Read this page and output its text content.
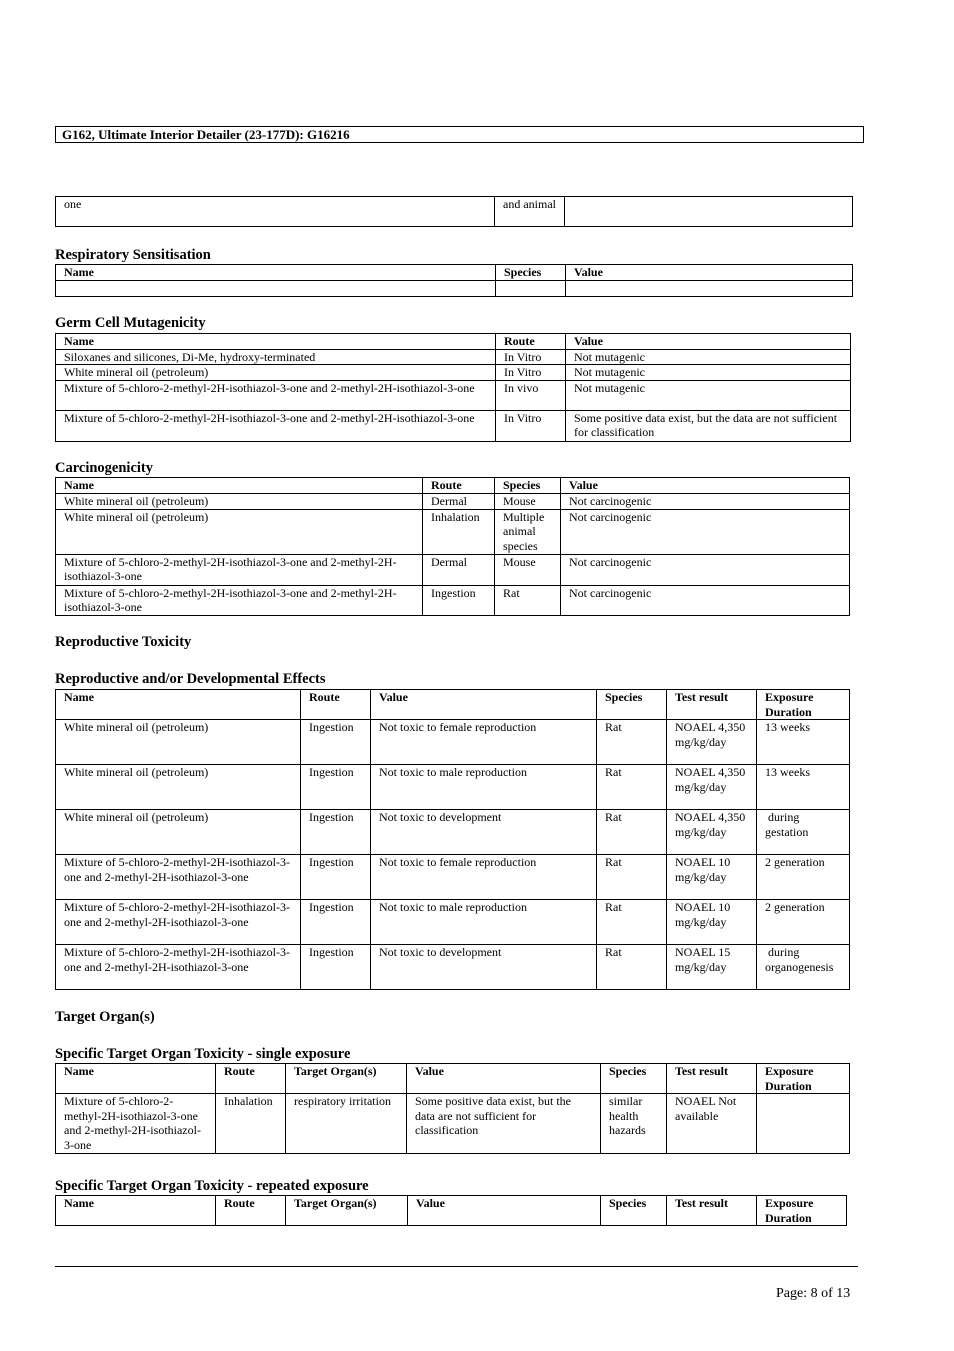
G162, Ultimate Interior Detailer (23-177D): G16216
one	and animal	
Respiratory Sensitisation
Name	Species	Value

Germ Cell Mutagenicity
Name	Route	Value
Siloxanes and silicones, Di-Me, hydroxy-terminated	In Vitro	Not mutagenic
White mineral oil (petroleum)	In Vitro	Not mutagenic
Mixture of 5-chloro-2-methyl-2H-isothiazol-3-one and 2-methyl-2H-isothiazol-3-one	In vivo	Not mutagenic
Mixture of 5-chloro-2-methyl-2H-isothiazol-3-one and 2-methyl-2H-isothiazol-3-one	In Vitro	Some positive data exist, but the data are not sufficient for classification
Carcinogenicity
Name	Route	Species	Value
White mineral oil (petroleum)	Dermal	Mouse	Not carcinogenic
White mineral oil (petroleum)	Inhalation	Multiple animal species	Not carcinogenic
Mixture of 5-chloro-2-methyl-2H-isothiazol-3-one and 2-methyl-2H-isothiazol-3-one	Dermal	Mouse	Not carcinogenic
Mixture of 5-chloro-2-methyl-2H-isothiazol-3-one and 2-methyl-2H-isothiazol-3-one	Ingestion	Rat	Not carcinogenic
Reproductive Toxicity
Reproductive and/or Developmental Effects
Name	Route	Value	Species	Test result	Exposure Duration
White mineral oil (petroleum)	Ingestion	Not toxic to female reproduction	Rat	NOAEL 4,350 mg/kg/day	13 weeks
White mineral oil (petroleum)	Ingestion	Not toxic to male reproduction	Rat	NOAEL 4,350 mg/kg/day	13 weeks
White mineral oil (petroleum)	Ingestion	Not toxic to development	Rat	NOAEL 4,350 mg/kg/day	during gestation
Mixture of 5-chloro-2-methyl-2H-isothiazol-3-one and 2-methyl-2H-isothiazol-3-one	Ingestion	Not toxic to female reproduction	Rat	NOAEL 10 mg/kg/day	2 generation
Mixture of 5-chloro-2-methyl-2H-isothiazol-3-one and 2-methyl-2H-isothiazol-3-one	Ingestion	Not toxic to male reproduction	Rat	NOAEL 10 mg/kg/day	2 generation
Mixture of 5-chloro-2-methyl-2H-isothiazol-3-one and 2-methyl-2H-isothiazol-3-one	Ingestion	Not toxic to development	Rat	NOAEL 15 mg/kg/day	during organogenesis
Target Organ(s)
Specific Target Organ Toxicity - single exposure
Name	Route	Target Organ(s)	Value	Species	Test result	Exposure Duration
Mixture of 5-chloro-2-methyl-2H-isothiazol-3-one and 2-methyl-2H-isothiazol-3-one	Inhalation	respiratory irritation	Some positive data exist, but the data are not sufficient for classification	similar health hazards	NOAEL Not available	
Specific Target Organ Toxicity - repeated exposure
Name	Route	Target Organ(s)	Value	Species	Test result	Exposure Duration
Page: 8 of 13
